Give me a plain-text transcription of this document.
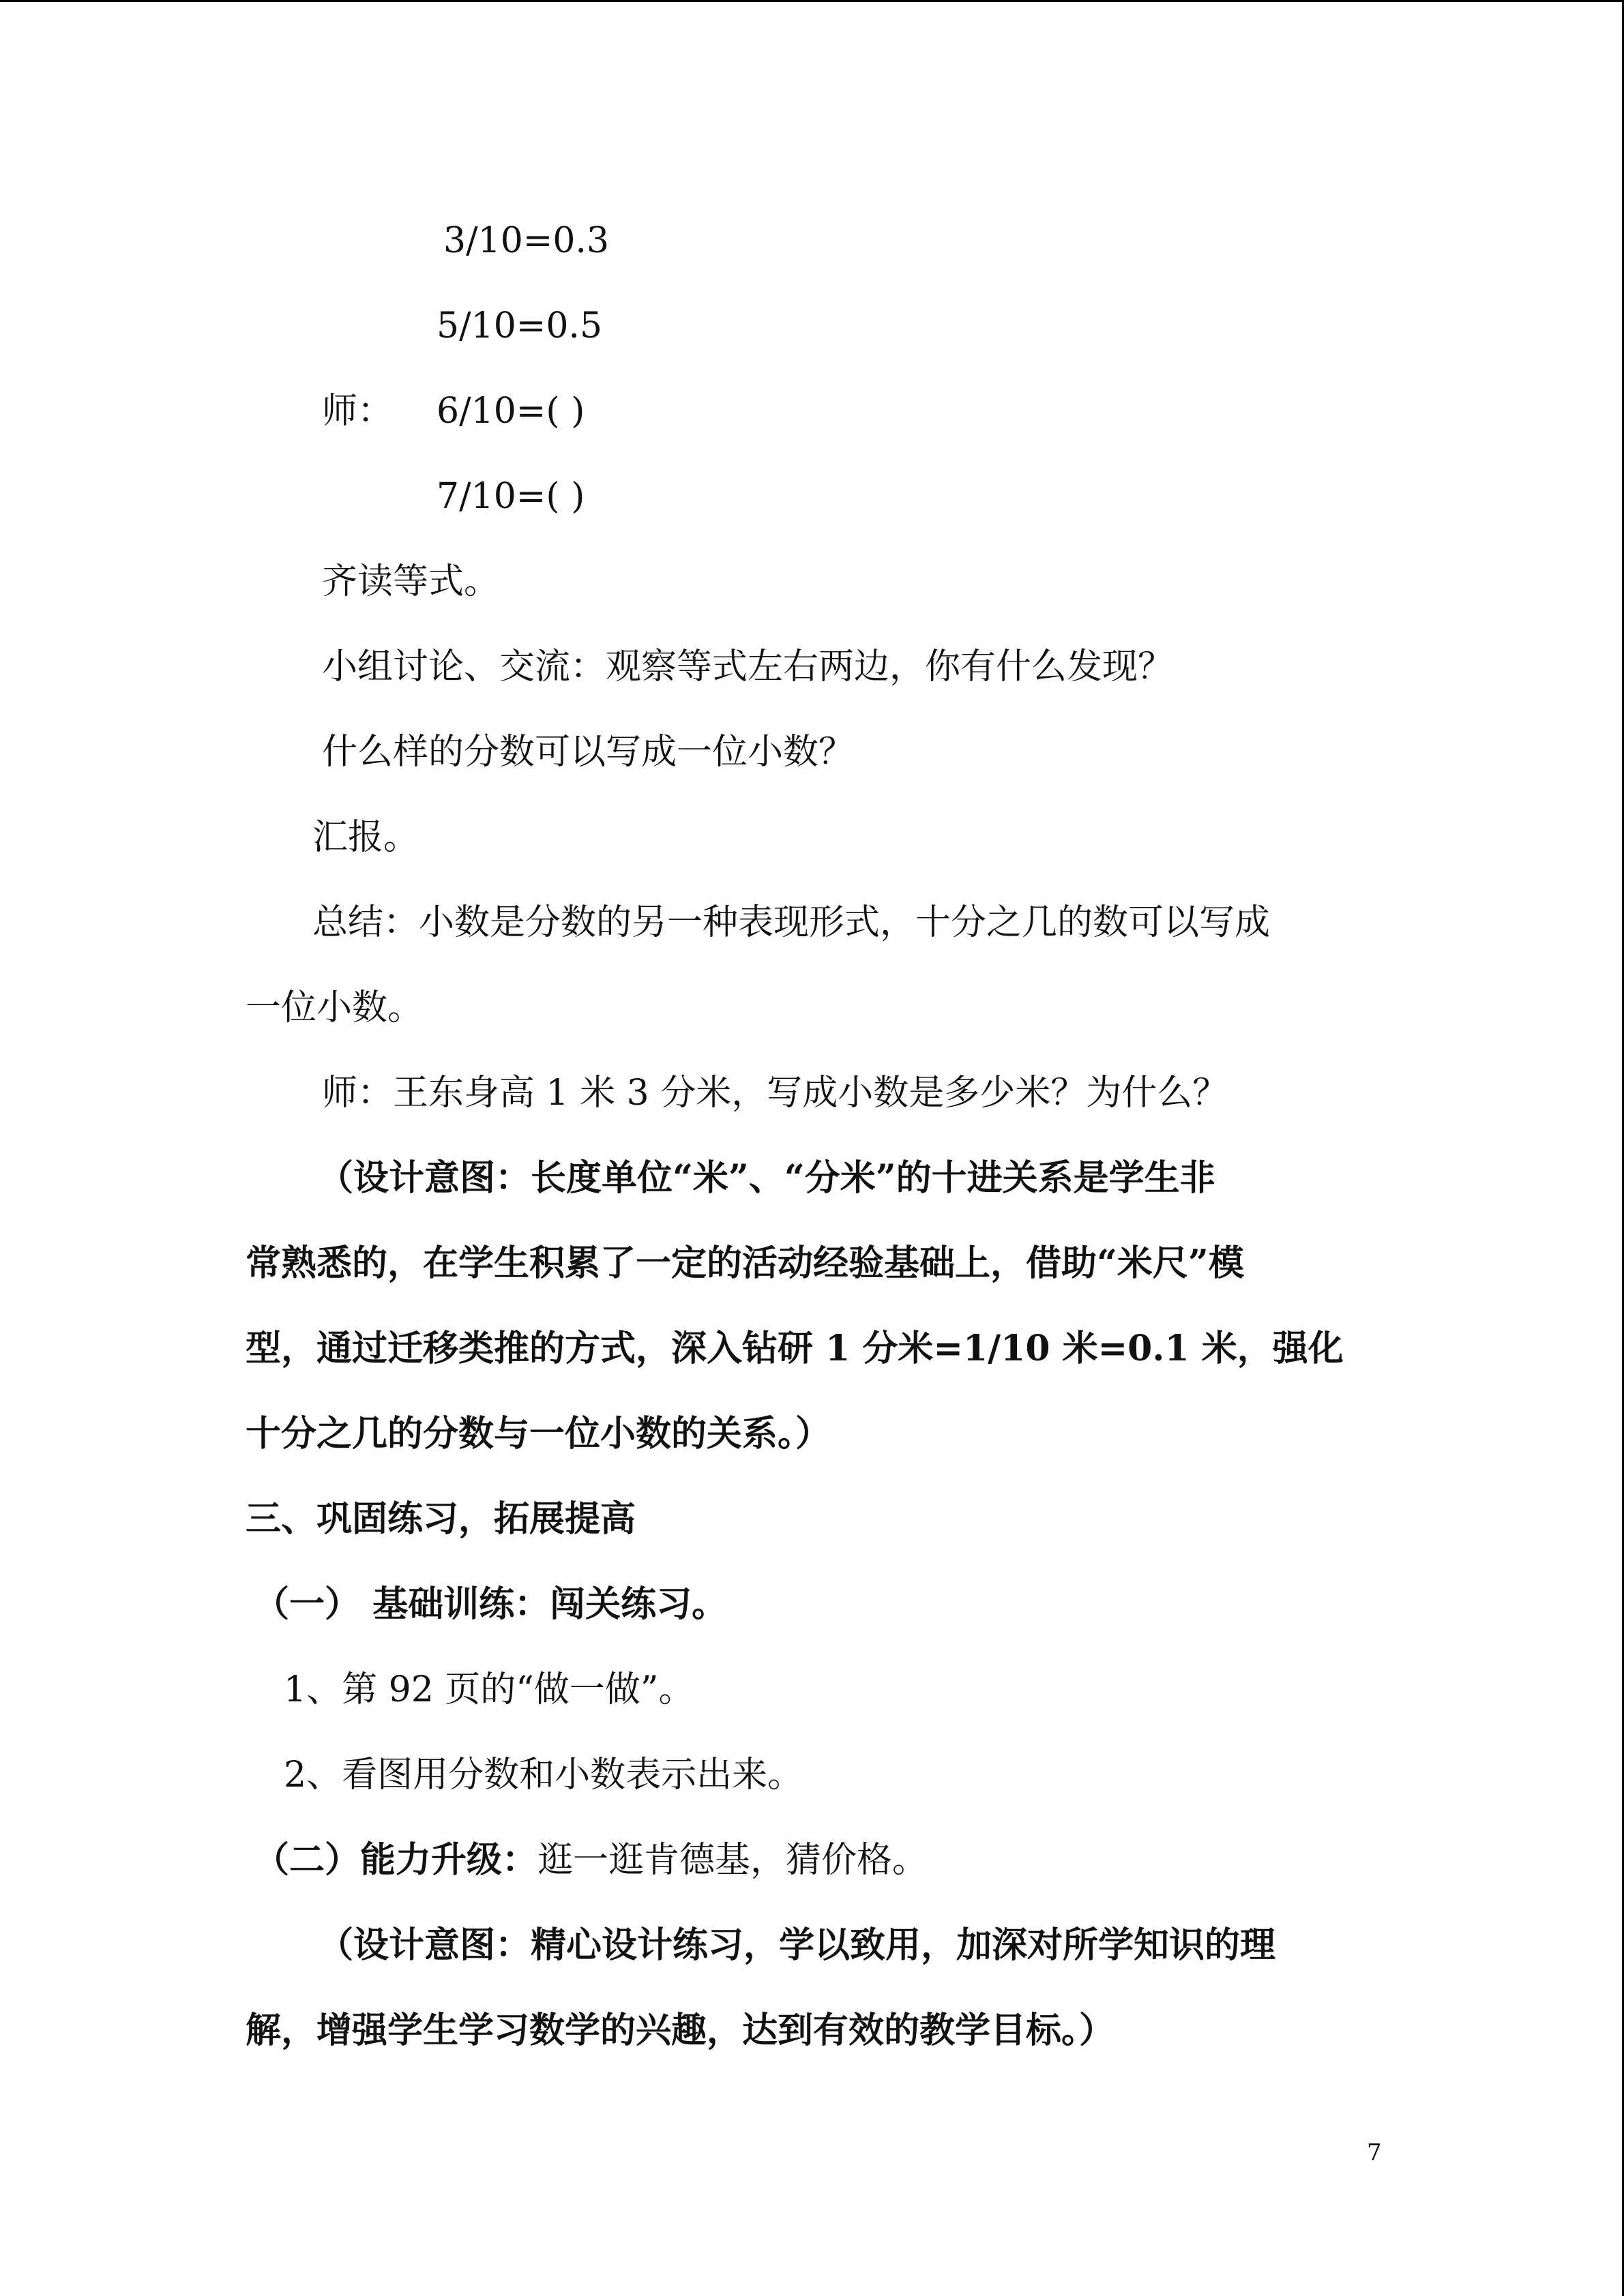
3/10=0.3
5/10=0.5
师： 6/10=( )
7/10=( )
齐读等式。
小组讨论、交流：观察等式左右两边，你有什么发现？
什么样的分数可以写成一位小数？
汇报。
总结：小数是分数的另一种表现形式，十分之几的数可以写成
一位小数。
师：王东身高 1 米 3 分米，写成小数是多少米？为什么？
（设计意图：长度单位“米”、“分米”的十进关系是学生非
常熟悉的，在学生积累了一定的活动经验基础上，借助“米尺”模
型，通过迁移类推的方式，深入钻研 1 分米=1/10 米=0.1 米，强化
十分之几的分数与一位小数的关系。）
三、巩固练习，拓展提高
（一） 基础训练：闯关练习。
1、第 92 页的“做一做”。
2、看图用分数和小数表示出来。
（二）能力升级：逛一逛肯德基，猜价格。
（设计意图：精心设计练习，学以致用，加深对所学知识的理
解，增强学生学习数学的兴趣，达到有效的教学目标。）
7
